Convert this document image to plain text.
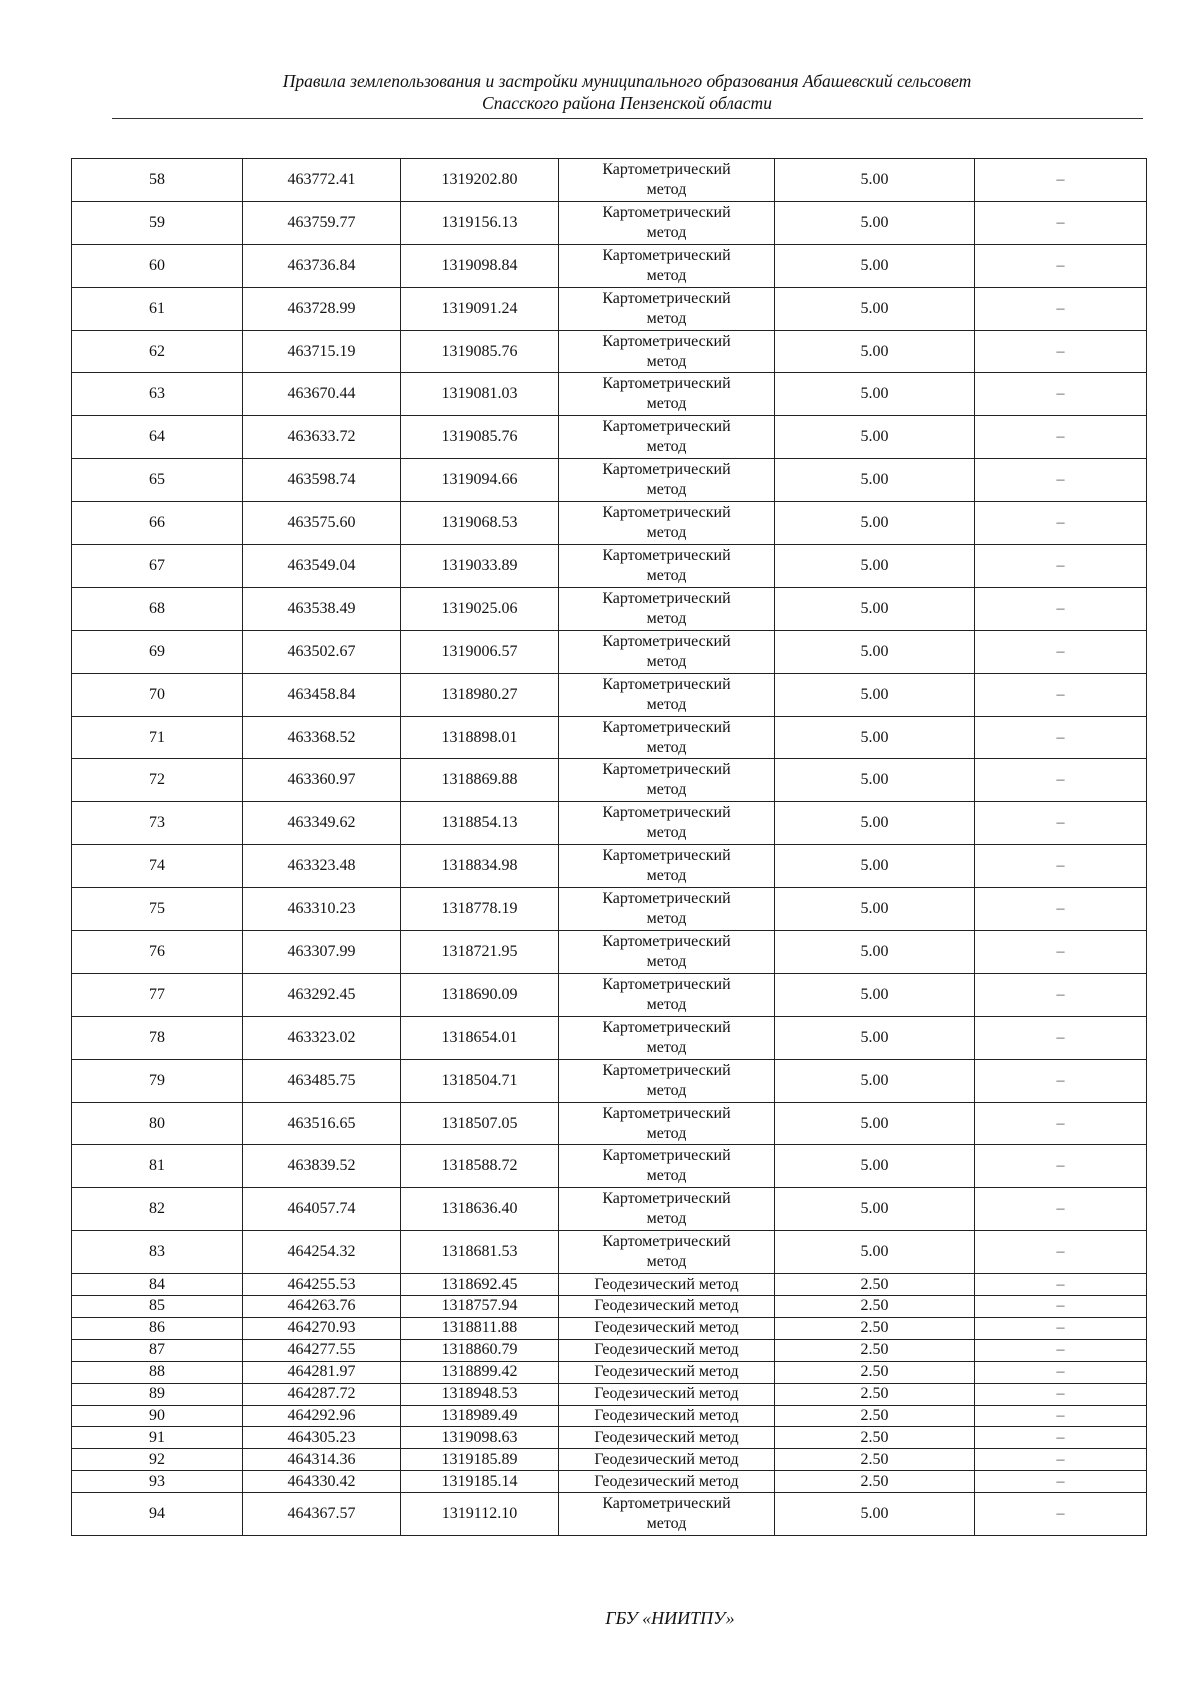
Правила землепользования и застройки муниципального образования Абашевский сельсовет
Спасского района Пензенской области
58	463772.41	1319202.80	Картометрический метод	5.00	–
59	463759.77	1319156.13	Картометрический метод	5.00	–
60	463736.84	1319098.84	Картометрический метод	5.00	–
61	463728.99	1319091.24	Картометрический метод	5.00	–
62	463715.19	1319085.76	Картометрический метод	5.00	–
63	463670.44	1319081.03	Картометрический метод	5.00	–
64	463633.72	1319085.76	Картометрический метод	5.00	–
65	463598.74	1319094.66	Картометрический метод	5.00	–
66	463575.60	1319068.53	Картометрический метод	5.00	–
67	463549.04	1319033.89	Картометрический метод	5.00	–
68	463538.49	1319025.06	Картометрический метод	5.00	–
69	463502.67	1319006.57	Картометрический метод	5.00	–
70	463458.84	1318980.27	Картометрический метод	5.00	–
71	463368.52	1318898.01	Картометрический метод	5.00	–
72	463360.97	1318869.88	Картометрический метод	5.00	–
73	463349.62	1318854.13	Картометрический метод	5.00	–
74	463323.48	1318834.98	Картометрический метод	5.00	–
75	463310.23	1318778.19	Картометрический метод	5.00	–
76	463307.99	1318721.95	Картометрический метод	5.00	–
77	463292.45	1318690.09	Картометрический метод	5.00	–
78	463323.02	1318654.01	Картометрический метод	5.00	–
79	463485.75	1318504.71	Картометрический метод	5.00	–
80	463516.65	1318507.05	Картометрический метод	5.00	–
81	463839.52	1318588.72	Картометрический метод	5.00	–
82	464057.74	1318636.40	Картометрический метод	5.00	–
83	464254.32	1318681.53	Картометрический метод	5.00	–
84	464255.53	1318692.45	Геодезический метод	2.50	–
85	464263.76	1318757.94	Геодезический метод	2.50	–
86	464270.93	1318811.88	Геодезический метод	2.50	–
87	464277.55	1318860.79	Геодезический метод	2.50	–
88	464281.97	1318899.42	Геодезический метод	2.50	–
89	464287.72	1318948.53	Геодезический метод	2.50	–
90	464292.96	1318989.49	Геодезический метод	2.50	–
91	464305.23	1319098.63	Геодезический метод	2.50	–
92	464314.36	1319185.89	Геодезический метод	2.50	–
93	464330.42	1319185.14	Геодезический метод	2.50	–
94	464367.57	1319112.10	Картометрический метод	5.00	–
ГБУ «НИИТПУ»
